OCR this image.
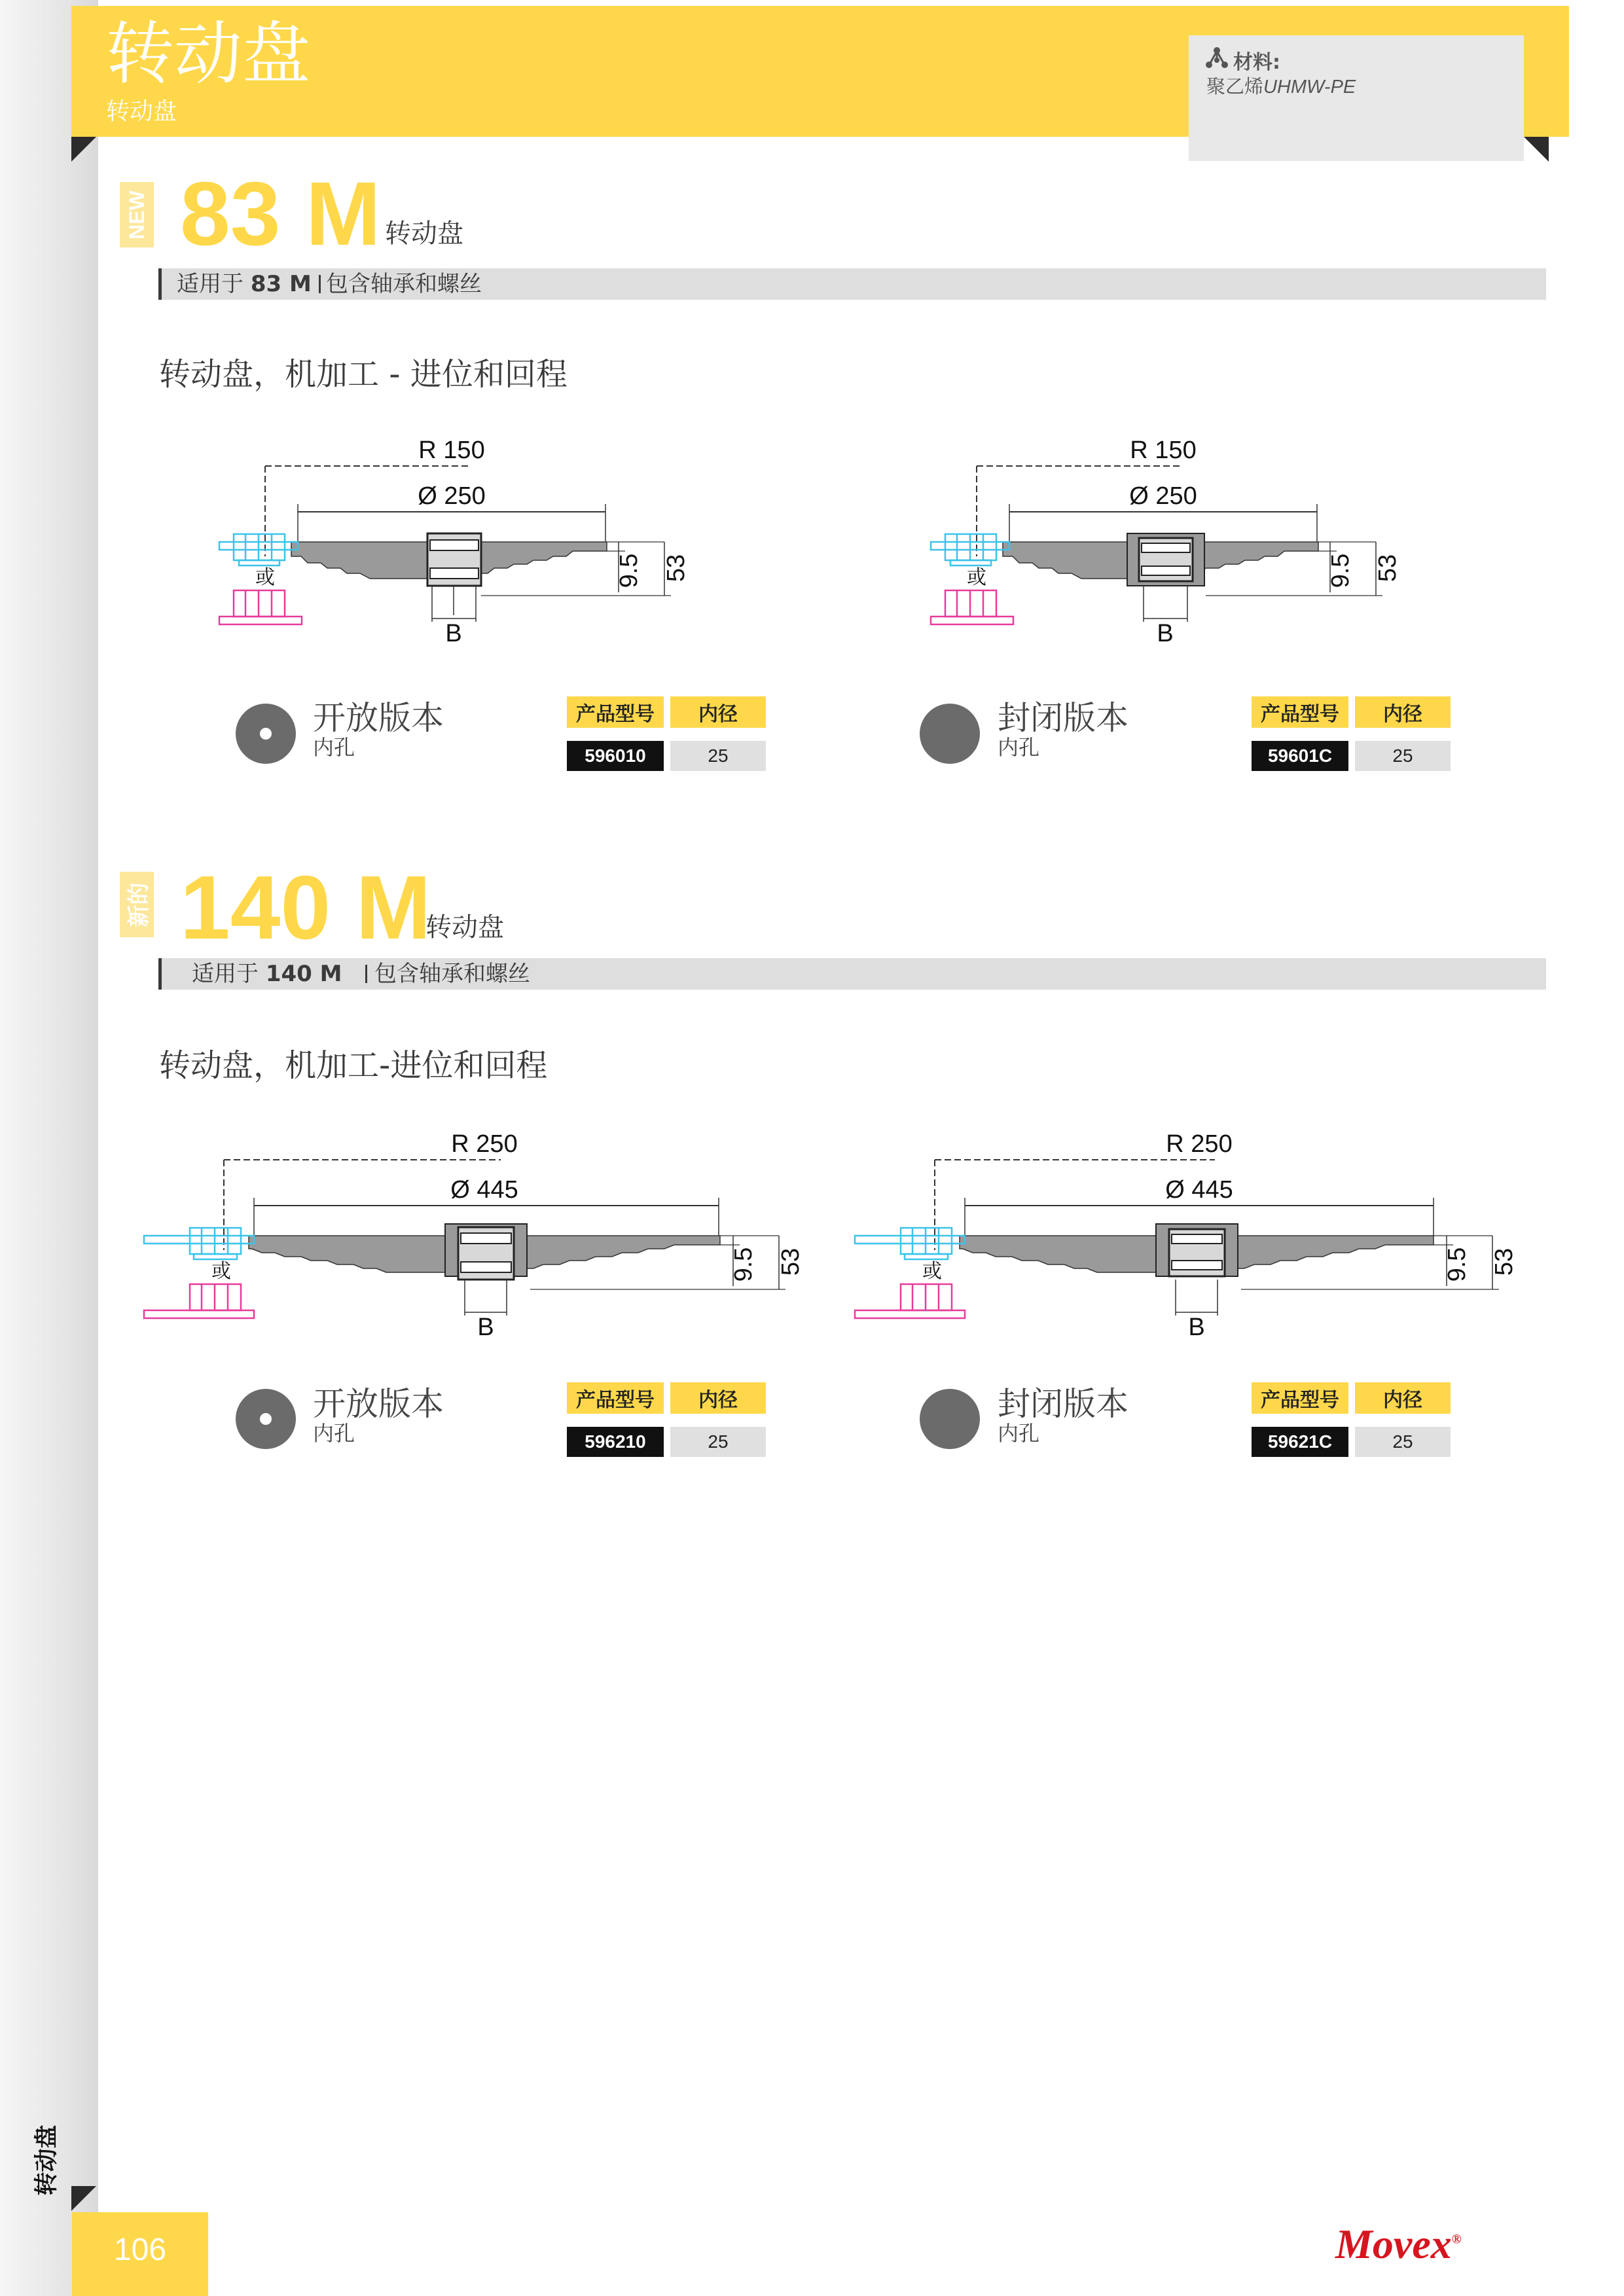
转动盘
转动盘
材料:
聚乙烯UHMW-PE
NEW 83 M 转动盘
适用于 83 M 包含轴承和螺丝
转动盘，机加工 - 进位和回程
R 150
Ø 250
B
9.5 53
或
R 150
Ø 250
B
9.5 53
或
开放版本
内孔
产品型号	内径
596010	25
封闭版本
内孔
产品型号	内径
59601C	25
新的 140 M
转动盘
适用于 140 M 包含轴承和螺丝
转动盘，机加工-进位和回程
R 250
Ø 445
B
9.5 53
或
R 250
Ø 445
B
9.5 53
或
开放版本
内孔
产品型号	内径
596210	25
封闭版本
内孔
产品型号	内径
59621C	25
转动盘
106	Movex®
